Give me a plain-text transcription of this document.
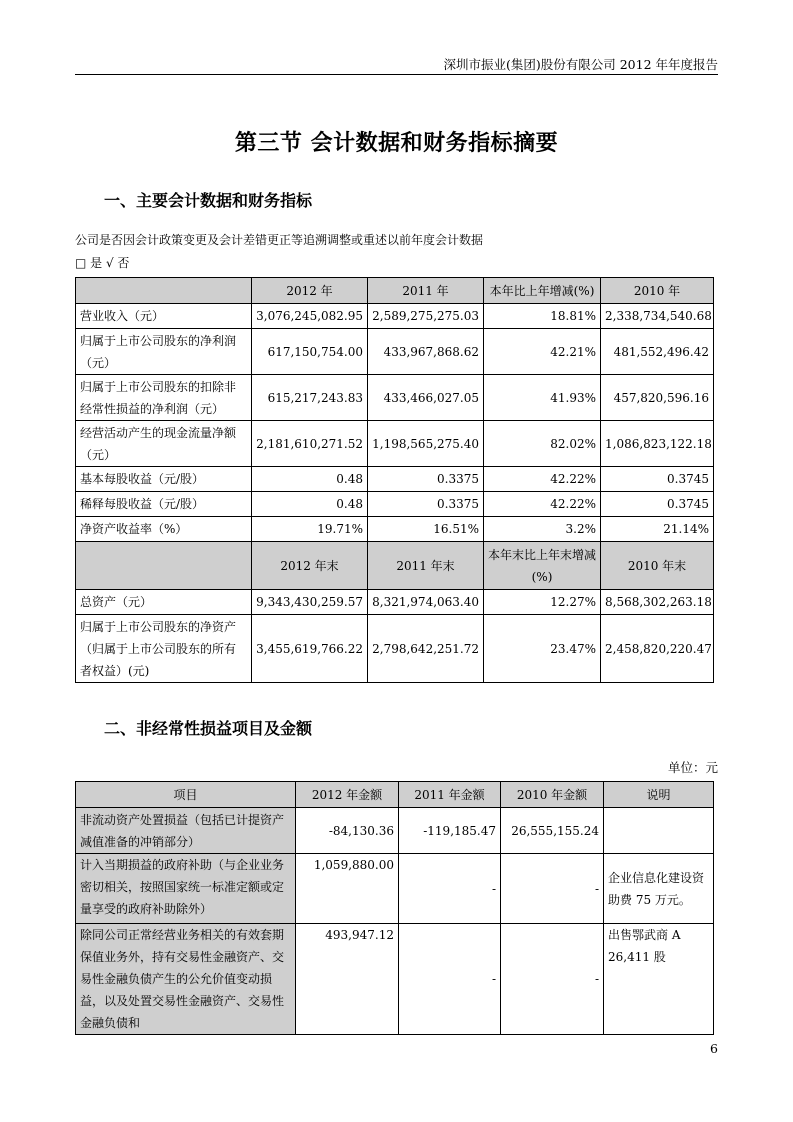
深圳市振业(集团)股份有限公司 2012 年年度报告
第三节 会计数据和财务指标摘要
一、主要会计数据和财务指标
公司是否因会计政策变更及会计差错更正等追溯调整或重述以前年度会计数据
□ 是 √ 否
	2012 年	2011 年	本年比上年增减(%)	2010 年
营业收入（元）	3,076,245,082.95	2,589,275,275.03	18.81%	2,338,734,540.68
归属于上市公司股东的净利润（元）	617,150,754.00	433,967,868.62	42.21%	481,552,496.42
归属于上市公司股东的扣除非经常性损益的净利润（元）	615,217,243.83	433,466,027.05	41.93%	457,820,596.16
经营活动产生的现金流量净额（元）	2,181,610,271.52	1,198,565,275.40	82.02%	1,086,823,122.18
基本每股收益（元/股）	0.48	0.3375	42.22%	0.3745
稀释每股收益（元/股）	0.48	0.3375	42.22%	0.3745
净资产收益率（%）	19.71%	16.51%	3.2%	21.14%
	2012 年末	2011 年末	本年末比上年末增减(%)	2010 年末
总资产（元）	9,343,430,259.57	8,321,974,063.40	12.27%	8,568,302,263.18
归属于上市公司股东的净资产（归属于上市公司股东的所有者权益）(元)	3,455,619,766.22	2,798,642,251.72	23.47%	2,458,820,220.47
二、非经常性损益项目及金额
单位：元
项目	2012 年金额	2011 年金额	2010 年金额	说明
非流动资产处置损益（包括已计提资产减值准备的冲销部分）	-84,130.36	-119,185.47	26,555,155.24	
计入当期损益的政府补助（与企业业务密切相关，按照国家统一标准定额或定量享受的政府补助除外）	1,059,880.00	-	-	企业信息化建设资助费 75 万元。
除同公司正常经营业务相关的有效套期保值业务外，持有交易性金融资产、交易性金融负债产生的公允价值变动损益，以及处置交易性金融资产、交易性金融负债和	493,947.12	-	-	出售鄂武商 A 26,411 股
6
